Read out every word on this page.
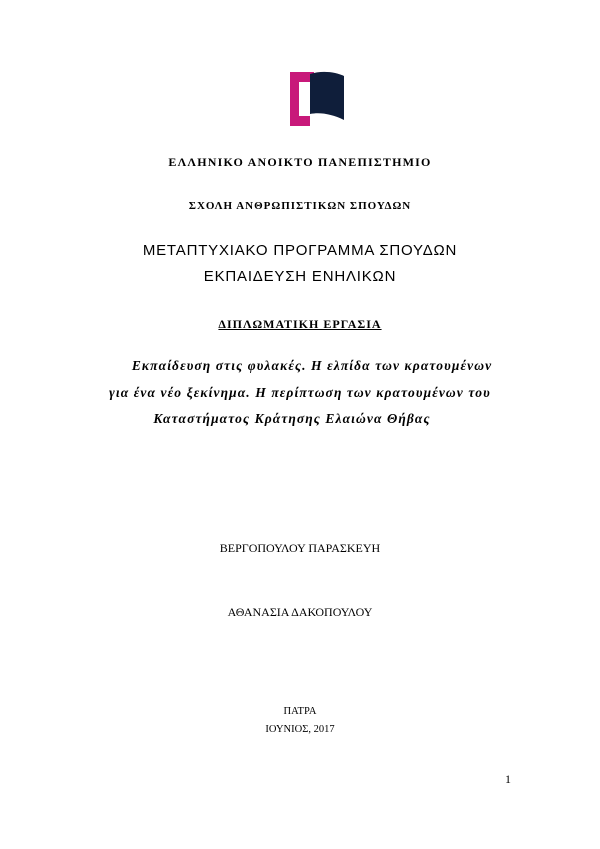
ΕΛΛΗΝΙΚΟ ΑΝΟΙΚΤΟ ΠΑΝΕΠΙΣΤΗΜΙΟ
ΣΧΟΛΗ ΑΝΘΡΩΠΙΣΤΙΚΩΝ ΣΠΟΥΔΩΝ
ΜΕΤΑΠΤΥΧΙΑΚΟ ΠΡΟΓΡΑΜΜΑ ΣΠΟΥΔΩΝ
ΕΚΠΑΙΔΕΥΣΗ ΕΝΗΛΙΚΩΝ
ΔΙΠΛΩΜΑΤΙΚΗ ΕΡΓΑΣΙΑ
Εκπαίδευση στις φυλακές. Η ελπίδα των κρατουμένων
για ένα νέο ξεκίνημα. Η περίπτωση των κρατουμένων του
Καταστήματος Κράτησης Ελαιώνα Θήβας
ΒΕΡΓΟΠΟΥΛΟΥ ΠΑΡΑΣΚΕΥΗ
ΑΘΑΝΑΣΙΑ ΔΑΚΟΠΟΥΛΟΥ
ΠΑΤΡΑ
ΙΟΥΝΙΟΣ, 2017
1
